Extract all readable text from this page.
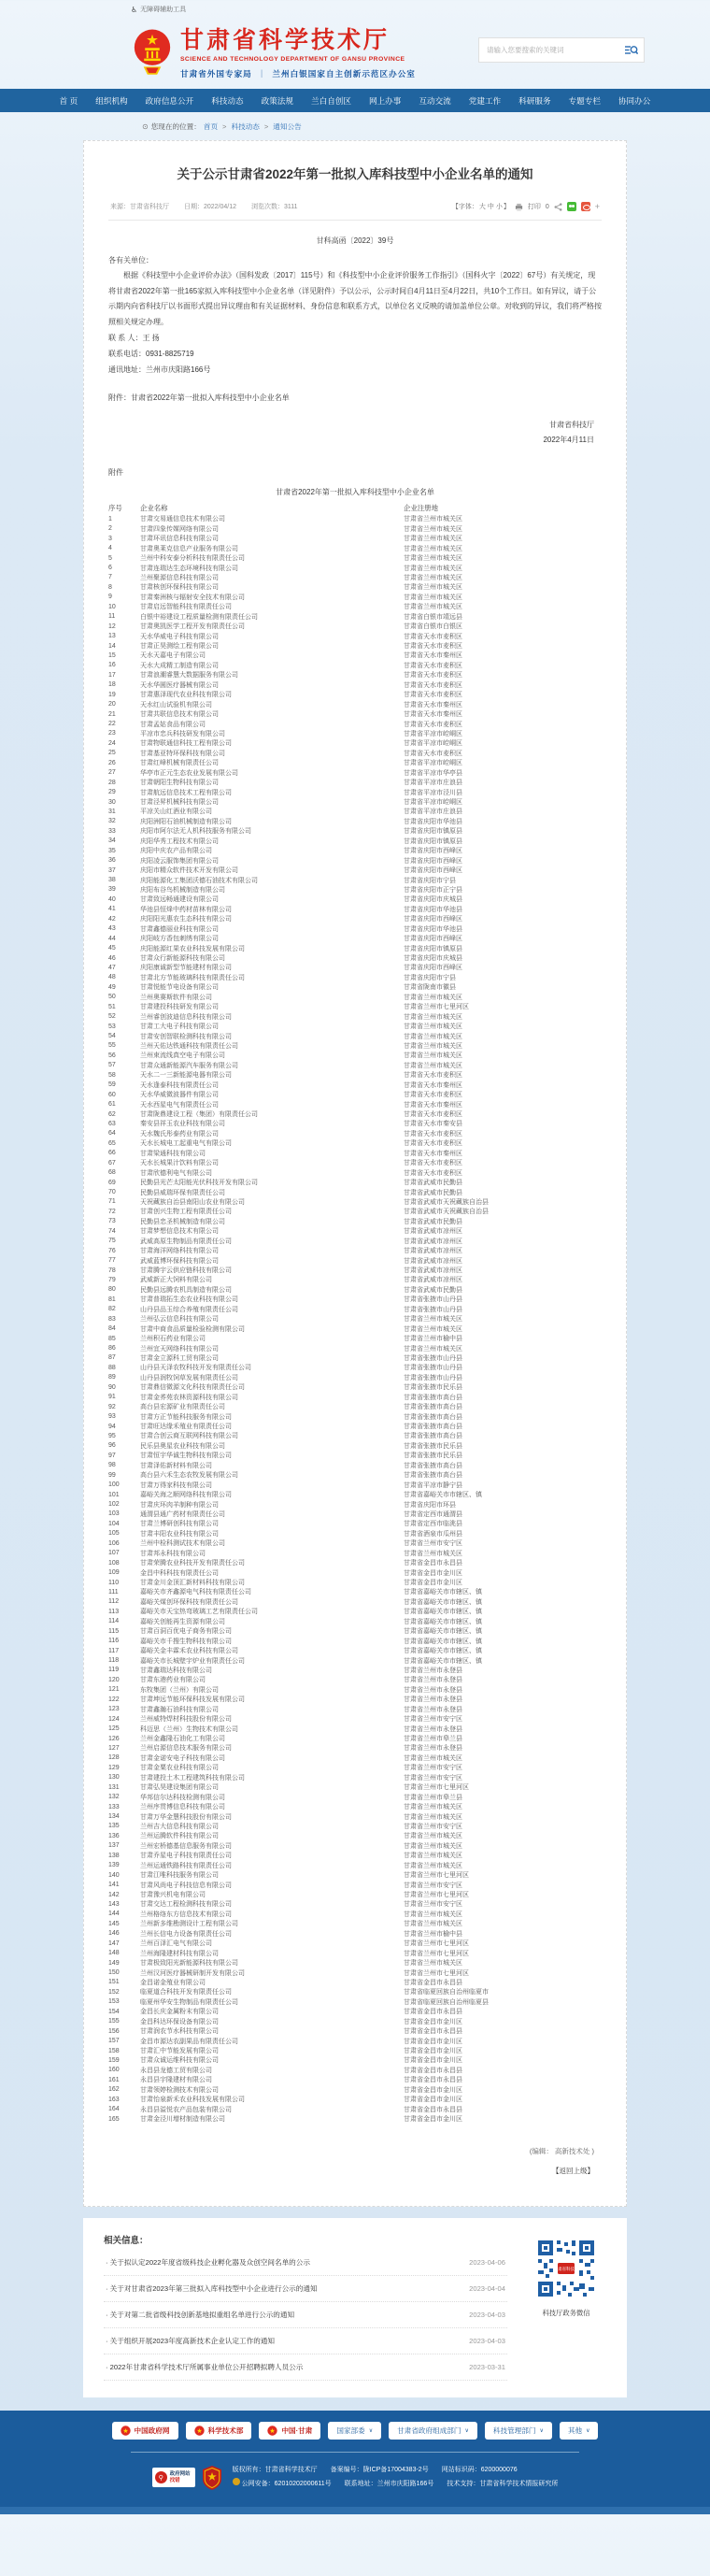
♿ 无障碍辅助工具
甘肃省科学技术厅
SCIENCE AND TECHNOLOGY DEPARTMENT OF GANSU PROVINCE
甘肃省外国专家局 ｜ 兰州白银国家自主创新示范区办公室
请输入您要搜索的关键词
首 页 组织机构 政府信息公开 科技动态 政策法规 兰白自创区 网上办事 互动交流 党建工作 科研服务 专题专栏 协同办公
⊙ 您现在的位置： 首页 > 科技动态 > 通知公告
关于公示甘肃省2022年第一批拟入库科技型中小企业名单的通知
来源：甘肃省科技厅 日期：2022/04/12 浏览次数：3111	【字体：大 中 小】	打印 0	+
甘科高函〔2022〕39号
各有关单位：
根据《科技型中小企业评价办法》（国科发政〔2017〕115号）和《科技型中小企业评价服务工作指引》（国科火字〔2022〕67号）有关规定，现将甘肃省2022年第一批165家拟入库科技型中小企业名单（详见附件）予以公示，公示时间自4月11日至4月22日，共10个工作日。如有异议，请于公示期内向省科技厅以书面形式提出异议理由和有关证据材料、身份信息和联系方式，以单位名义反映的请加盖单位公章。对收到的异议，我们将严格按照相关规定办理。
联 系 人：王 扬
联系电话：0931-8825719
通讯地址：兰州市庆阳路166号
附件：甘肃省2022年第一批拟入库科技型中小企业名单
甘肃省科技厅
2022年4月11日
附件
甘肃省2022年第一批拟入库科技型中小企业名单
序号	企业名称	企业注册地
1	甘肃交易通信息技术有限公司	甘肃省兰州市城关区
2	甘肃四象传媒网络有限公司	甘肃省兰州市城关区
3	甘肃环讯信息科技有限公司	甘肃省兰州市城关区
4	甘肃奥莱克信息产业服务有限公司	甘肃省兰州市城关区
5	兰州中科安泰分析科技有限责任公司	甘肃省兰州市城关区
6	甘肃连瑞达生态环境科技有限公司	甘肃省兰州市城关区
7	兰州聚源信息科技有限公司	甘肃省兰州市城关区
8	甘肃核创环保科技有限公司	甘肃省兰州市城关区
9	甘肃秦洲核与辐射安全技术有限公司	甘肃省兰州市城关区
10	甘肃启远智能科技有限责任公司	甘肃省兰州市城关区
11	白银中裕建设工程质量检测有限责任公司	甘肃省白银市靖远县
12	甘肃奥凯医学工程开发有限责任公司	甘肃省白银市白银区
13	天水华威电子科技有限公司	甘肃省天水市麦积区
14	甘肃正昊测绘工程有限公司	甘肃省天水市麦积区
15	天水天嘉电子有限公司	甘肃省天水市秦州区
16	天水大成精工制造有限公司	甘肃省天水市麦积区
17	甘肃浪潮睿慧大数据服务有限公司	甘肃省天水市麦积区
18	天水华圆医疗器械有限公司	甘肃省天水市麦积区
19	甘肃惠泽现代农业科技有限公司	甘肃省天水市麦积区
20	天水红山试验机有限公司	甘肃省天水市秦州区
21	甘肃共联信息技术有限公司	甘肃省天水市秦州区
22	甘肃孟姑食品有限公司	甘肃省天水市麦积区
23	平凉市忠兵科技研发有限公司	甘肃省平凉市崆峒区
24	甘肃物联通信科技工程有限公司	甘肃省平凉市崆峒区
25	甘肃基亚特环保科技有限公司	甘肃省天水市麦积区
26	甘肃红峰机械有限责任公司	甘肃省平凉市崆峒区
27	华亭市正元生态农业发展有限公司	甘肃省平凉市华亭县
28	甘肃朝阳生物科技有限公司	甘肃省平凉市庄浪县
29	甘肃航远信息技术工程有限公司	甘肃省平凉市泾川县
30	甘肃泾昇机械科技有限公司	甘肃省平凉市崆峒区
31	平凉关山红酒业有限公司	甘肃省平凉市庄浪县
32	庆阳洲阳石油机械制造有限公司	甘肃省庆阳市华池县
33	庆阳市阿尔法无人机科技服务有限公司	甘肃省庆阳市镇原县
34	庆阳华秀工程技术有限公司	甘肃省庆阳市镇原县
35	庆阳中庆农产品有限公司	甘肃省庆阳市西峰区
36	庆阳凌云服饰集团有限公司	甘肃省庆阳市西峰区
37	庆阳市精众软件技术开发有限公司	甘肃省庆阳市西峰区
38	庆阳能源化工集团沃德石油技术有限公司	甘肃省庆阳市宁县
39	庆阳布谷鸟机械制造有限公司	甘肃省庆阳市正宁县
40	甘肃致远畅通建设有限公司	甘肃省庆阳市庆城县
41	华池县恒烽中药材苗林有限公司	甘肃省庆阳市华池县
42	庆阳阳光惠农生态科技有限公司	甘肃省庆阳市西峰区
43	甘肃鑫德丽业科技有限公司	甘肃省庆阳市华池县
44	庆阳岐方香包刺绣有限公司	甘肃省庆阳市西峰区
45	庆阳能源红果农业科技发展有限公司	甘肃省庆阳市镇原县
46	甘肃众行新能源科技有限公司	甘肃省庆阳市庆城县
47	庆阳康诚新型节能建材有限公司	甘肃省庆阳市西峰区
48	甘肃北方节能玻璃科技有限责任公司	甘肃省庆阳市宁县
49	甘肃悦能节电设备有限公司	甘肃省陇南市徽县
50	兰州奥赛斯软件有限公司	甘肃省兰州市城关区
51	甘肃建投科技研发有限公司	甘肃省兰州市七里河区
52	兰州睿创波迪信息科技有限公司	甘肃省兰州市城关区
53	甘肃工大电子科技有限公司	甘肃省兰州市城关区
54	甘肃安创智联检测科技有限公司	甘肃省兰州市城关区
55	兰州天佑达铁通科技有限责任公司	甘肃省兰州市城关区
56	兰州束流线真空电子有限公司	甘肃省兰州市城关区
57	甘肃众通新能源汽车服务有限公司	甘肃省兰州市城关区
58	天水二一三新能源电器有限公司	甘肃省天水市麦积区
59	天水逢泰科技有限责任公司	甘肃省天水市秦州区
60	天水华威微波器件有限公司	甘肃省天水市麦积区
61	天水西星电气有限责任公司	甘肃省天水市秦州区
62	甘肃陇鼎建设工程（集团）有限责任公司	甘肃省天水市麦积区
63	秦安县祥玉农业科技有限公司	甘肃省天水市秦安县
64	天水魏氏彤泰药业有限公司	甘肃省天水市麦积区
65	天水长城电工起重电气有限公司	甘肃省天水市麦积区
66	甘肃梁通科技有限公司	甘肃省天水市秦州区
67	天水长城果汁饮料有限公司	甘肃省天水市麦积区
68	甘肃欣德利电气有限公司	甘肃省天水市麦积区
69	民勤县光芒太阳能光伏科技开发有限公司	甘肃省武威市民勤县
70	民勤县威瑞环保有限责任公司	甘肃省武威市民勤县
71	天祝藏族自治县南阳山农业有限公司	甘肃省武威市天祝藏族自治县
72	甘肃创兴生物工程有限责任公司	甘肃省武威市天祝藏族自治县
73	民勤县忠圣机械制造有限公司	甘肃省武威市民勤县
74	甘肃梦想信息技术有限公司	甘肃省武威市凉州区
75	武威高原生物制品有限责任公司	甘肃省武威市凉州区
76	甘肃海洋网络科技有限公司	甘肃省武威市凉州区
77	武威蓝博环保科技有限公司	甘肃省武威市凉州区
78	甘肃腾宇云供应链科技有限公司	甘肃省武威市凉州区
79	武威新正大饲料有限公司	甘肃省武威市凉州区
80	民勤县远腾农机具制造有限公司	甘肃省武威市民勤县
81	甘肃普瑞拓生态农业科技有限公司	甘肃省张掖市山丹县
82	山丹县品玉综合养殖有限责任公司	甘肃省张掖市山丹县
83	兰州弘云信息科技有限公司	甘肃省兰州市城关区
84	甘肃中商食品质量检验检测有限公司	甘肃省兰州市城关区
85	兰州积石药业有限公司	甘肃省兰州市榆中县
86	兰州宜天网络科技有限公司	甘肃省兰州市城关区
87	甘肃金立源科工贸有限公司	甘肃省张掖市山丹县
88	山丹县天泽农牧科技开发有限责任公司	甘肃省张掖市山丹县
89	山丹县润牧饲草发展有限责任公司	甘肃省张掖市山丹县
90	甘肃鼎信微源文化科技有限责任公司	甘肃省张掖市民乐县
91	甘肃金荞苑农林资源科技有限公司	甘肃省张掖市高台县
92	高台县宏源矿业有限责任公司	甘肃省张掖市高台县
93	甘肃方正节能科技服务有限公司	甘肃省张掖市高台县
94	甘肃旺达缘禾殖业有限责任公司	甘肃省张掖市高台县
95	甘肃合创云商互联网科技有限公司	甘肃省张掖市高台县
96	民乐县奥星农业科技有限公司	甘肃省张掖市民乐县
97	甘肃恒宇华诚生物科技有限公司	甘肃省张掖市民乐县
98	甘肃泽佑新材料有限公司	甘肃省张掖市高台县
99	高台县六禾生态农牧发展有限公司	甘肃省张掖市高台县
100	甘肃万得家科技有限公司	甘肃省平凉市静宁县
101	嘉峪关海之顺网络科技有限公司	甘肃省嘉峪关市市辖区、镇
102	甘肃庆环肉羊制种有限公司	甘肃省庆阳市环县
103	通渭县通广药材有限责任公司	甘肃省定西市通渭县
104	甘肃兰博研创科技有限公司	甘肃省定西市临洮县
105	甘肃丰阳农业科技有限公司	甘肃省酒泉市瓜州县
106	兰州中检科测试技术有限公司	甘肃省兰州市安宁区
107	甘肃邦永科技有限公司	甘肃省兰州市城关区
108	甘肃荣腾农业科技开发有限责任公司	甘肃省金昌市永昌县
109	金昌中科科技有限责任公司	甘肃省金昌市金川区
110	甘肃金川金顶汇新材料科技有限公司	甘肃省金昌市金川区
111	嘉峪关市齐鑫源电气科技有限责任公司	甘肃省嘉峪关市市辖区、镇
112	嘉峪关煤创环保科技有限责任公司	甘肃省嘉峪关市市辖区、镇
113	嘉峪关市天宝热弯玻璃工艺有限责任公司	甘肃省嘉峪关市市辖区、镇
114	嘉峪关创能再生资源有限公司	甘肃省嘉峪关市市辖区、镇
115	甘肃百洞百优电子商务有限公司	甘肃省嘉峪关市市辖区、镇
116	嘉峪关市千搜生物科技有限公司	甘肃省嘉峪关市市辖区、镇
117	嘉峪关金丰霖禾农业科技有限公司	甘肃省嘉峪关市市辖区、镇
118	嘉峪关市长城壁宇炉业有限责任公司	甘肃省嘉峪关市市辖区、镇
119	甘肃鑫瑞达科技有限公司	甘肃省兰州市永登县
120	甘肃东港药业有限公司	甘肃省兰州市永登县
121	东牧集团（兰州）有限公司	甘肃省兰州市永登县
122	甘肃坤远节能环保科技发展有限公司	甘肃省兰州市永登县
123	甘肃鑫瀚石油科技有限公司	甘肃省兰州市永登县
124	兰州威特焊材科技股份有限公司	甘肃省兰州市安宁区
125	科迈思（兰州）生物技术有限公司	甘肃省兰州市永登县
126	兰州金鑫隆石油化工有限公司	甘肃省兰州市皋兰县
127	兰州启源信息技术服务有限公司	甘肃省兰州市永登县
128	甘肃金诺安电子科技有限公司	甘肃省兰州市城关区
129	甘肃金粟农业科技有限公司	甘肃省兰州市安宁区
130	甘肃建投土木工程建筑科技有限公司	甘肃省兰州市安宁区
131	甘肃弘昊建设集团有限公司	甘肃省兰州市七里河区
132	华邦信尔达科技检测有限公司	甘肃省兰州市皋兰县
133	兰州序贯博信息科技有限公司	甘肃省兰州市城关区
134	甘肃万华金慧科技股份有限公司	甘肃省兰州市城关区
135	兰州吉大信息科技有限公司	甘肃省兰州市安宁区
136	兰州运腾软件科技有限公司	甘肃省兰州市城关区
137	兰州宏桥德基信息服务有限公司	甘肃省兰州市城关区
138	甘肃乔星电子科技有限责任公司	甘肃省兰州市城关区
139	兰州运通铁路科技有限责任公司	甘肃省兰州市城关区
140	甘肃江唯科技服务有限公司	甘肃省兰州市七里河区
141	甘肃风尚电子科技信息有限公司	甘肃省兰州市安宁区
142	甘肃豫兴机电有限公司	甘肃省兰州市七里河区
143	甘肃交达工程检测科技有限公司	甘肃省兰州市安宁区
144	兰州格络东方信息技术有限公司	甘肃省兰州市城关区
145	兰州新多维勘测设计工程有限公司	甘肃省兰州市城关区
146	兰州长信电力设备有限责任公司	甘肃省兰州市榆中县
147	兰州百泽汇电气有限公司	甘肃省兰州市七里河区
148	兰州海隆建材科技有限公司	甘肃省兰州市七里河区
149	甘肃极致阳光新能源科技有限公司	甘肃省兰州市城关区
150	兰州汉河医疗器械研制开发有限公司	甘肃省兰州市七里河区
151	金昌诺金殖业有限公司	甘肃省金昌市永昌县
152	临夏道合科技开发有限责任公司	甘肃省临夏回族自治州临夏市
153	临夏州华安生物制品有限责任公司	甘肃省临夏回族自治州临夏县
154	金昌长庆金属粉末有限公司	甘肃省金昌市永昌县
155	金昌科达环保设备有限公司	甘肃省金昌市金川区
156	甘肃润农节水科技有限公司	甘肃省金昌市永昌县
157	金昌市源达农副果品有限责任公司	甘肃省金昌市金川区
158	甘肃汇中节能发展有限公司	甘肃省金昌市金川区
159	甘肃众诚运维科技有限公司	甘肃省金昌市金川区
160	永昌县龙德工贸有限公司	甘肃省金昌市永昌县
161	永昌县宇隆建材有限公司	甘肃省金昌市永昌县
162	甘肃领婷检测技术有限公司	甘肃省金昌市金川区
163	甘肃怡泉新禾农业科技发展有限公司	甘肃省金昌市金川区
164	永昌县溢悦农产品包装有限公司	甘肃省金昌市永昌县
165	甘肃金泾川增材制造有限公司	甘肃省金昌市金川区
(编辑： 高新技术处 )
【返回上级】
相关信息：
· 关于拟认定2022年度省级科技企业孵化器及众创空间名单的公示	2023-04-06
· 关于对甘肃省2023年第三批拟入库科技型中小企业进行公示的通知	2023-04-04
· 关于对第二批省级科技创新基地拟重组名单进行公示的通知	2023-04-03
· 关于组织开展2023年度高新技术企业认定工作的通知	2023-04-03
· 2022年甘肃省科学技术厅所属事业单位公开招聘拟聘人员公示	2023-03-31
甘肃省科技厅
科技厅政务微信
★ 中国政府网	★ 科学技术部	★ 中国·甘肃	国家部委 ∨	甘肃省政府组成部门 ∨	科技管理部门 ∨	其他 ∨
⚲
政府网站
找错
版权所有：甘肃省科学技术厅 备案编号：陇ICP备17004383-2号 网站标识码：6200000076
公网安备：62010202000611号 联系地址：兰州市庆阳路166号 技术支持：甘肃省科学技术情报研究所
